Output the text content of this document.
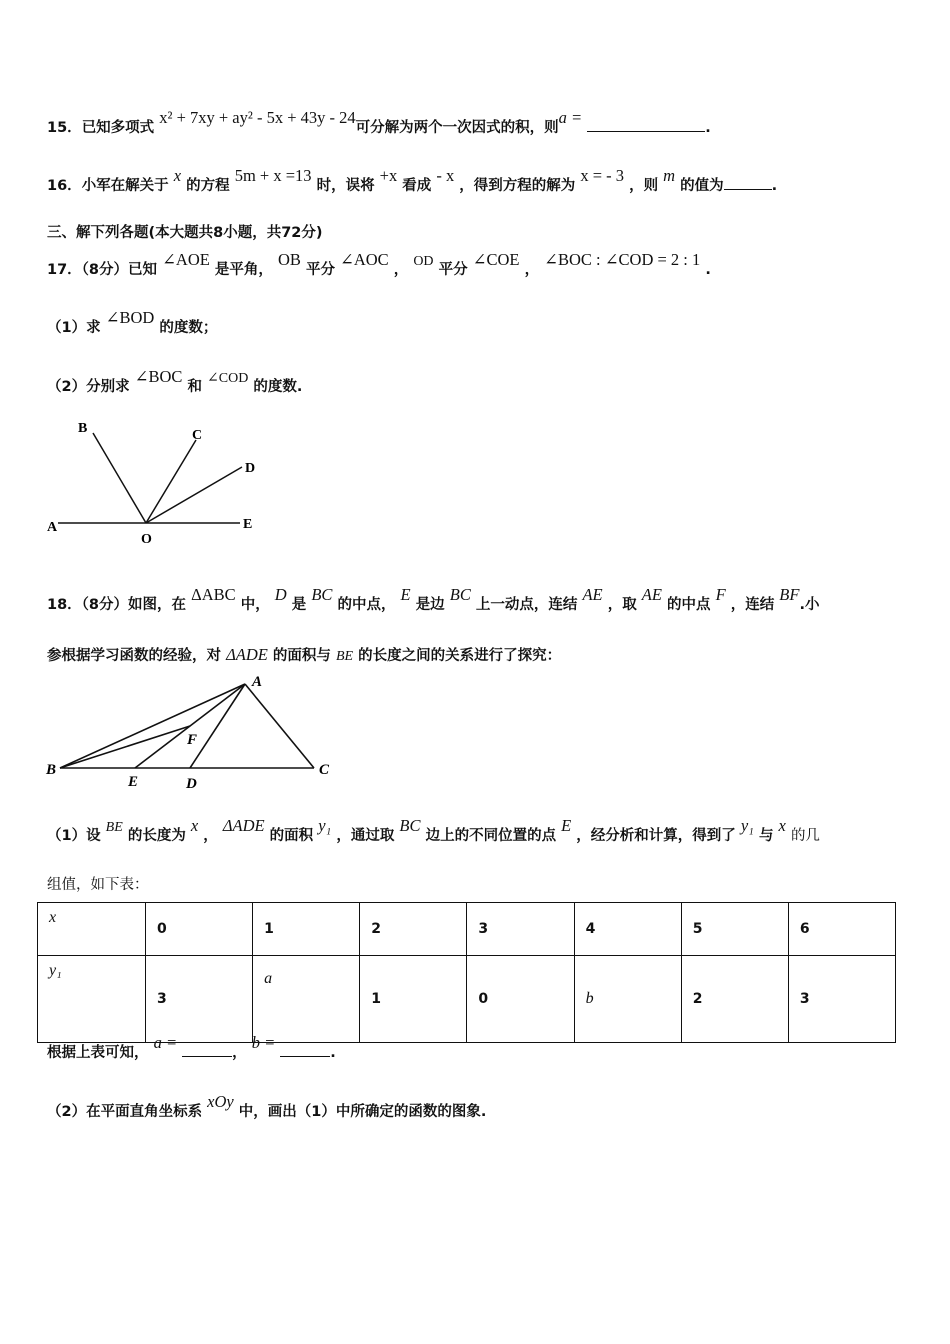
15．已知多项式 x² + 7xy + ay² - 5x + 43y - 24可分解为两个一次因式的积，则a = .
16．小军在解关于 x 的方程 5m + x =13 时，误将 +x 看成 - x ，得到方程的解为 x = - 3 ，则 m 的值为	.
三、解下列各题(本大题共8小题，共72分)
17．（8分）已知 ∠AOE 是平角， OB 平分 ∠AOC ， OD 平分 ∠COE ， ∠BOC : ∠COD = 2 : 1 .
（1）求 ∠BOD 的度数；
（2）分别求 ∠BOC 和 ∠COD 的度数.
A
B	C
D
E
O
18．（8分）如图，在 ΔABC 中， D 是 BC 的中点， E 是边 BC 上一动点，连结 AE ，取 AE 的中点 F ，连结 BF.小
参根据学习函数的经验，对 ΔADE 的面积与 BE 的长度之间的关系进行了探究：
A
B	C
E	D
F
（1）设 BE 的长度为 x ， ΔADE 的面积 y₁ ，通过取 BC 边上的不同位置的点 E ，经分析和计算，得到了 y₁ 与 x 的几
组值，如下表：
x	0	1	2	3	4	5	6
y₁	3	a	1	0	b	2	3
根据上表可知， a = ， b = .
（2）在平面直角坐标系 xOy 中，画出（1）中所确定的函数的图象.
